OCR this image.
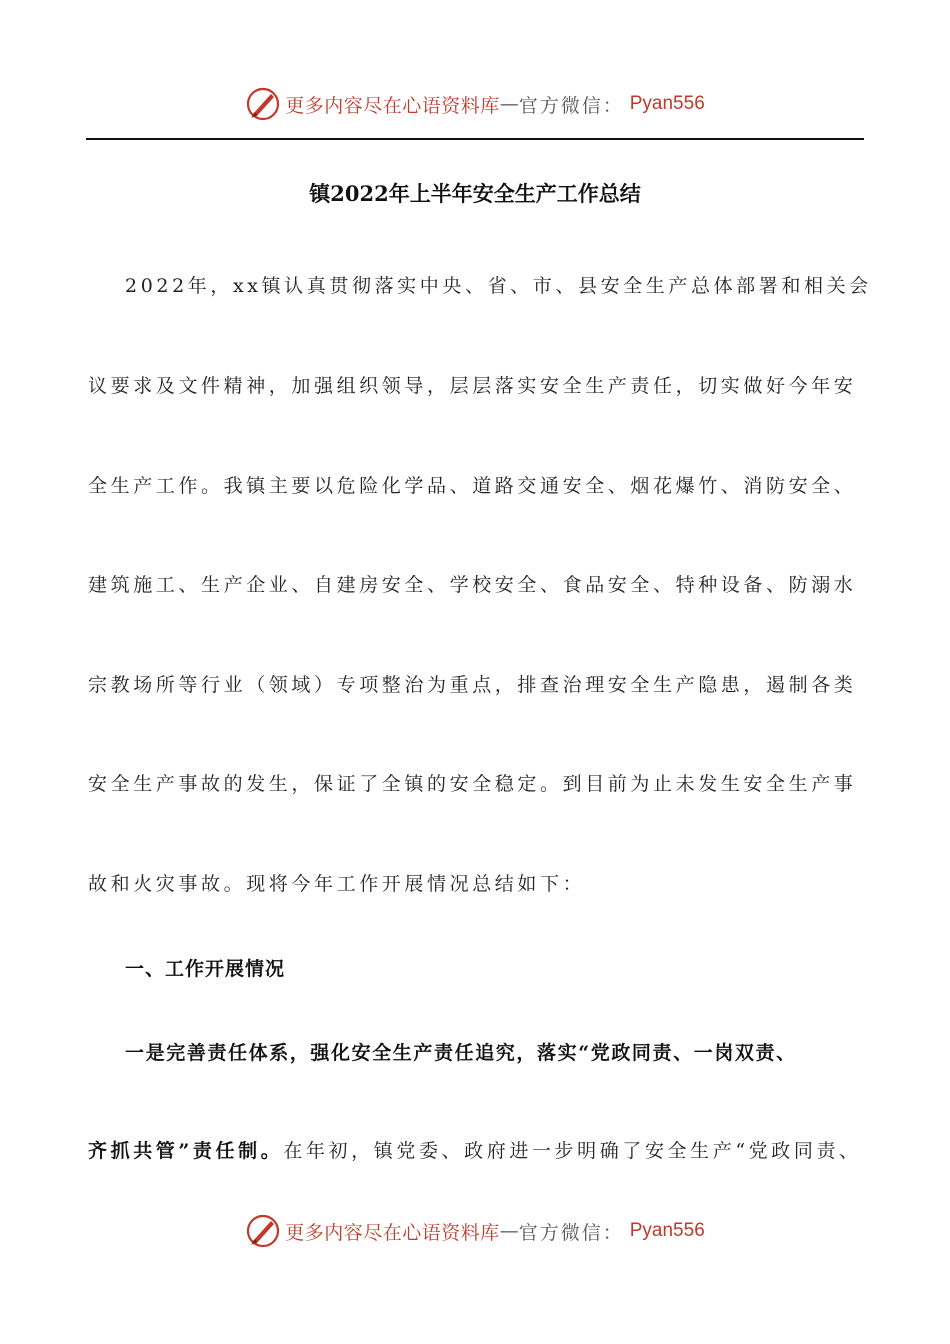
更多内容尽在心语资料库 — 官方微信： Pyan556
镇2022年上半年安全生产工作总结
2022年，xx镇认真贯彻落实中央、省、市、县安全生产总体部署和相关会
议要求及文件精神，加强组织领导，层层落实安全生产责任，切实做好今年安
全生产工作。我镇主要以危险化学品、道路交通安全、烟花爆竹、消防安全、
建筑施工、生产企业、自建房安全、学校安全、食品安全、特种设备、防溺水
宗教场所等行业（领域）专项整治为重点，排查治理安全生产隐患，遏制各类
安全生产事故的发生，保证了全镇的安全稳定。到目前为止未发生安全生产事
故和火灾事故。现将今年工作开展情况总结如下：
一、工作开展情况
一是完善责任体系，强化安全生产责任追究，落实“党政同责、一岗双责、
齐抓共管”责任制。在年初，镇党委、政府进一步明确了安全生产“党政同责、
更多内容尽在心语资料库 — 官方微信： Pyan556
